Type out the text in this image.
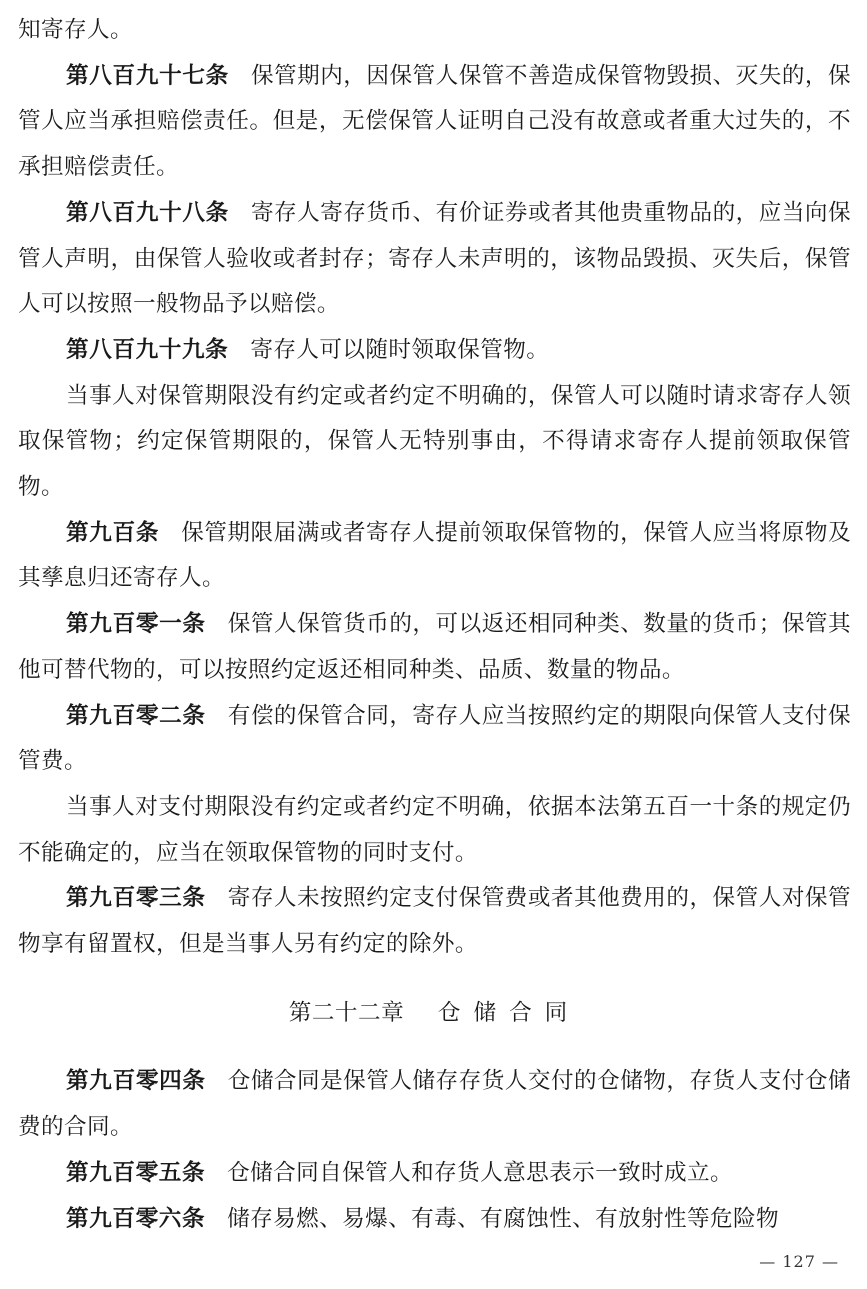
知寄存人。

第八百九十七条 保管期内，因保管人保管不善造成保管物毁损、灭失的，保管人应当承担赔偿责任。但是，无偿保管人证明自己没有故意或者重大过失的，不承担赔偿责任。

第八百九十八条 寄存人寄存货币、有价证券或者其他贵重物品的，应当向保管人声明，由保管人验收或者封存；寄存人未声明的，该物品毁损、灭失后，保管人可以按照一般物品予以赔偿。

第八百九十九条 寄存人可以随时领取保管物。

当事人对保管期限没有约定或者约定不明确的，保管人可以随时请求寄存人领取保管物；约定保管期限的，保管人无特别事由，不得请求寄存人提前领取保管物。

第九百条 保管期限届满或者寄存人提前领取保管物的，保管人应当将原物及其孳息归还寄存人。

第九百零一条 保管人保管货币的，可以返还相同种类、数量的货币；保管其他可替代物的，可以按照约定返还相同种类、品质、数量的物品。

第九百零二条 有偿的保管合同，寄存人应当按照约定的期限向保管人支付保管费。

当事人对支付期限没有约定或者约定不明确，依据本法第五百一十条的规定仍不能确定的，应当在领取保管物的同时支付。

第九百零三条 寄存人未按照约定支付保管费或者其他费用的，保管人对保管物享有留置权，但是当事人另有约定的除外。

第二十二章 仓储合同

第九百零四条 仓储合同是保管人储存存货人交付的仓储物，存货人支付仓储费的合同。

第九百零五条 仓储合同自保管人和存货人意思表示一致时成立。

第九百零六条 储存易燃、易爆、有毒、有腐蚀性、有放射性等危险物

— 127 —
